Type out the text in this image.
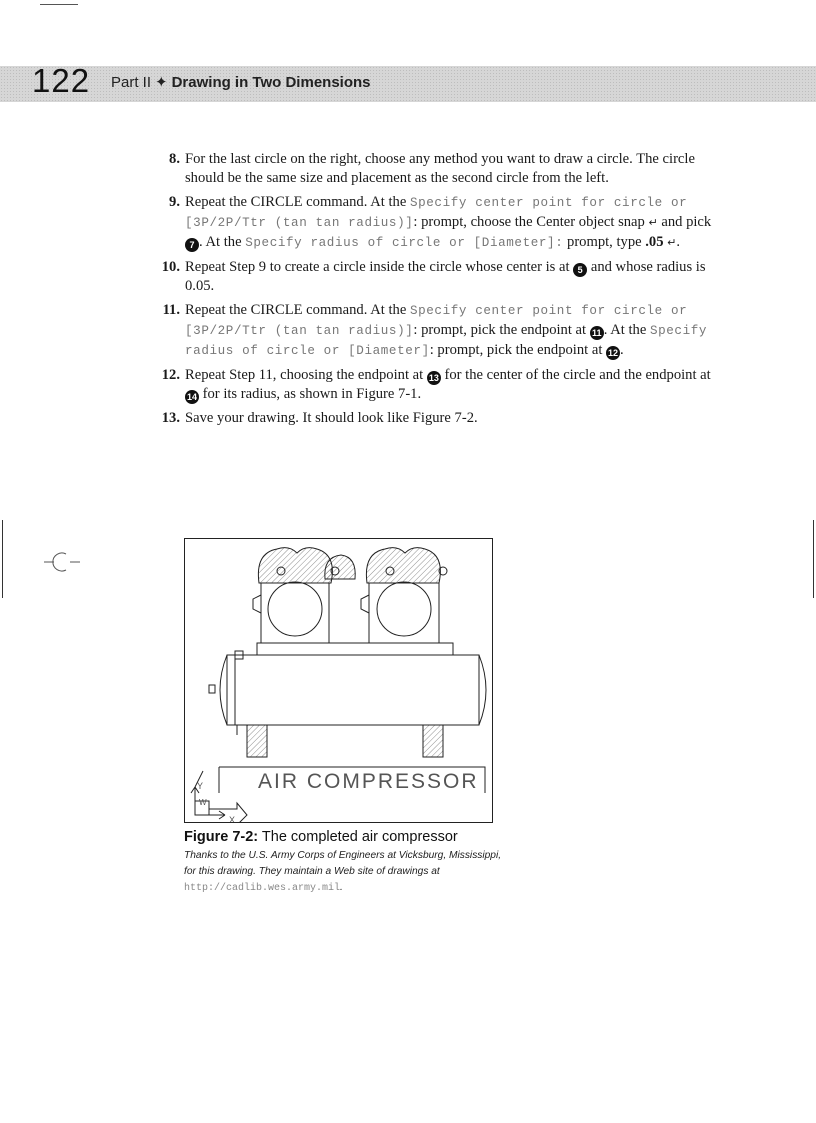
122 Part II ✦ Drawing in Two Dimensions
8. For the last circle on the right, choose any method you want to draw a circle. The circle should be the same size and placement as the second circle from the left.
9. Repeat the CIRCLE command. At the Specify center point for circle or [3P/2P/Ttr (tan tan radius)]: prompt, choose the Center object snap ↵ and pick 7 . At the Specify radius of circle or [Diameter]: prompt, type .05 ↵.
10. Repeat Step 9 to create a circle inside the circle whose center is at 5 and whose radius is 0.05.
11. Repeat the CIRCLE command. At the Specify center point for circle or [3P/2P/Ttr (tan tan radius)]: prompt, pick the endpoint at 11 . At the Specify radius of circle or [Diameter]: prompt, pick the endpoint at 12 .
12. Repeat Step 11, choosing the endpoint at 13 for the center of the circle and the endpoint at 14 for its radius, as shown in Figure 7-1.
13. Save your drawing. It should look like Figure 7-2.
Y
W
X
AIR COMPRESSOR
Figure 7-2: The completed air compressor
Thanks to the U.S. Army Corps of Engineers at Vicksburg, Mississippi, for this drawing. They maintain a Web site of drawings at http://cadlib.wes.army.mil.
